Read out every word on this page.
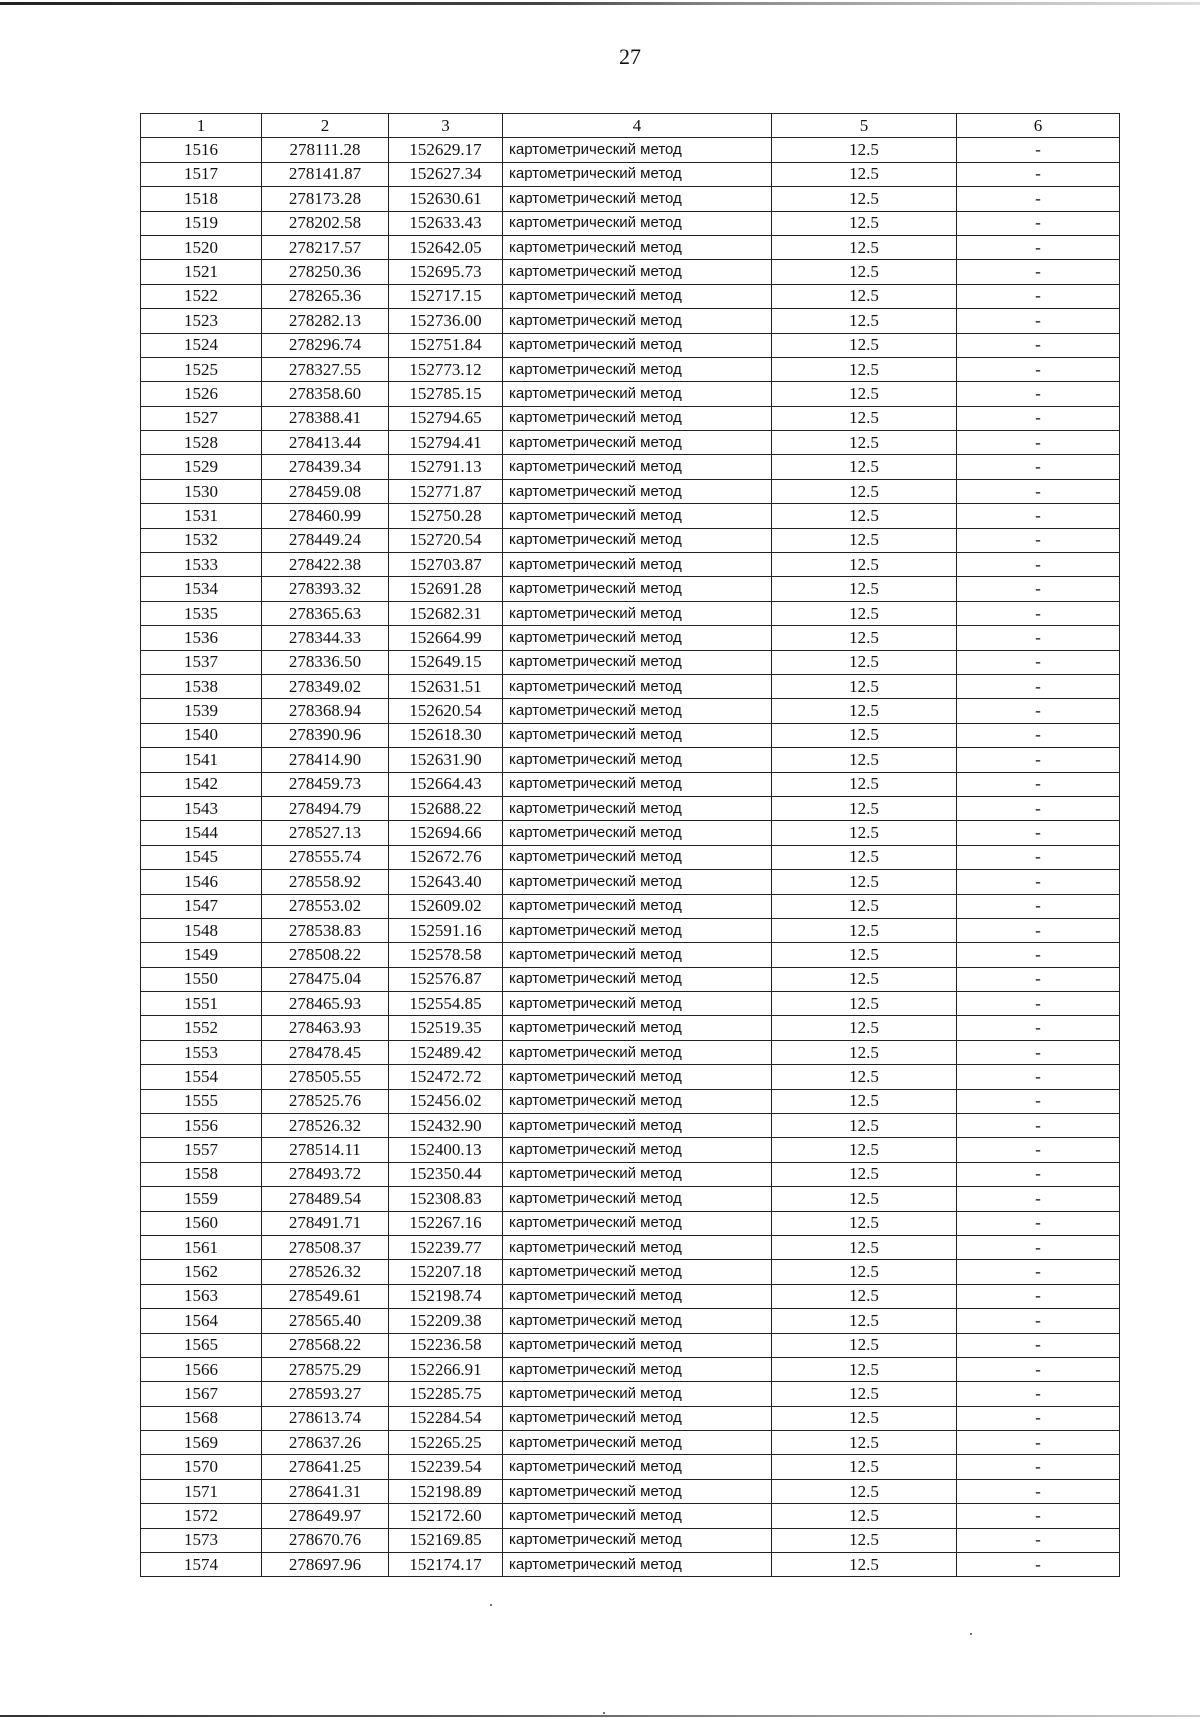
27
1	2	3	4	5	6
1516	278111.28	152629.17	картометрический метод	12.5	-
1517	278141.87	152627.34	картометрический метод	12.5	-
1518	278173.28	152630.61	картометрический метод	12.5	-
1519	278202.58	152633.43	картометрический метод	12.5	-
1520	278217.57	152642.05	картометрический метод	12.5	-
1521	278250.36	152695.73	картометрический метод	12.5	-
1522	278265.36	152717.15	картометрический метод	12.5	-
1523	278282.13	152736.00	картометрический метод	12.5	-
1524	278296.74	152751.84	картометрический метод	12.5	-
1525	278327.55	152773.12	картометрический метод	12.5	-
1526	278358.60	152785.15	картометрический метод	12.5	-
1527	278388.41	152794.65	картометрический метод	12.5	-
1528	278413.44	152794.41	картометрический метод	12.5	-
1529	278439.34	152791.13	картометрический метод	12.5	-
1530	278459.08	152771.87	картометрический метод	12.5	-
1531	278460.99	152750.28	картометрический метод	12.5	-
1532	278449.24	152720.54	картометрический метод	12.5	-
1533	278422.38	152703.87	картометрический метод	12.5	-
1534	278393.32	152691.28	картометрический метод	12.5	-
1535	278365.63	152682.31	картометрический метод	12.5	-
1536	278344.33	152664.99	картометрический метод	12.5	-
1537	278336.50	152649.15	картометрический метод	12.5	-
1538	278349.02	152631.51	картометрический метод	12.5	-
1539	278368.94	152620.54	картометрический метод	12.5	-
1540	278390.96	152618.30	картометрический метод	12.5	-
1541	278414.90	152631.90	картометрический метод	12.5	-
1542	278459.73	152664.43	картометрический метод	12.5	-
1543	278494.79	152688.22	картометрический метод	12.5	-
1544	278527.13	152694.66	картометрический метод	12.5	-
1545	278555.74	152672.76	картометрический метод	12.5	-
1546	278558.92	152643.40	картометрический метод	12.5	-
1547	278553.02	152609.02	картометрический метод	12.5	-
1548	278538.83	152591.16	картометрический метод	12.5	-
1549	278508.22	152578.58	картометрический метод	12.5	-
1550	278475.04	152576.87	картометрический метод	12.5	-
1551	278465.93	152554.85	картометрический метод	12.5	-
1552	278463.93	152519.35	картометрический метод	12.5	-
1553	278478.45	152489.42	картометрический метод	12.5	-
1554	278505.55	152472.72	картометрический метод	12.5	-
1555	278525.76	152456.02	картометрический метод	12.5	-
1556	278526.32	152432.90	картометрический метод	12.5	-
1557	278514.11	152400.13	картометрический метод	12.5	-
1558	278493.72	152350.44	картометрический метод	12.5	-
1559	278489.54	152308.83	картометрический метод	12.5	-
1560	278491.71	152267.16	картометрический метод	12.5	-
1561	278508.37	152239.77	картометрический метод	12.5	-
1562	278526.32	152207.18	картометрический метод	12.5	-
1563	278549.61	152198.74	картометрический метод	12.5	-
1564	278565.40	152209.38	картометрический метод	12.5	-
1565	278568.22	152236.58	картометрический метод	12.5	-
1566	278575.29	152266.91	картометрический метод	12.5	-
1567	278593.27	152285.75	картометрический метод	12.5	-
1568	278613.74	152284.54	картометрический метод	12.5	-
1569	278637.26	152265.25	картометрический метод	12.5	-
1570	278641.25	152239.54	картометрический метод	12.5	-
1571	278641.31	152198.89	картометрический метод	12.5	-
1572	278649.97	152172.60	картометрический метод	12.5	-
1573	278670.76	152169.85	картометрический метод	12.5	-
1574	278697.96	152174.17	картометрический метод	12.5	-
